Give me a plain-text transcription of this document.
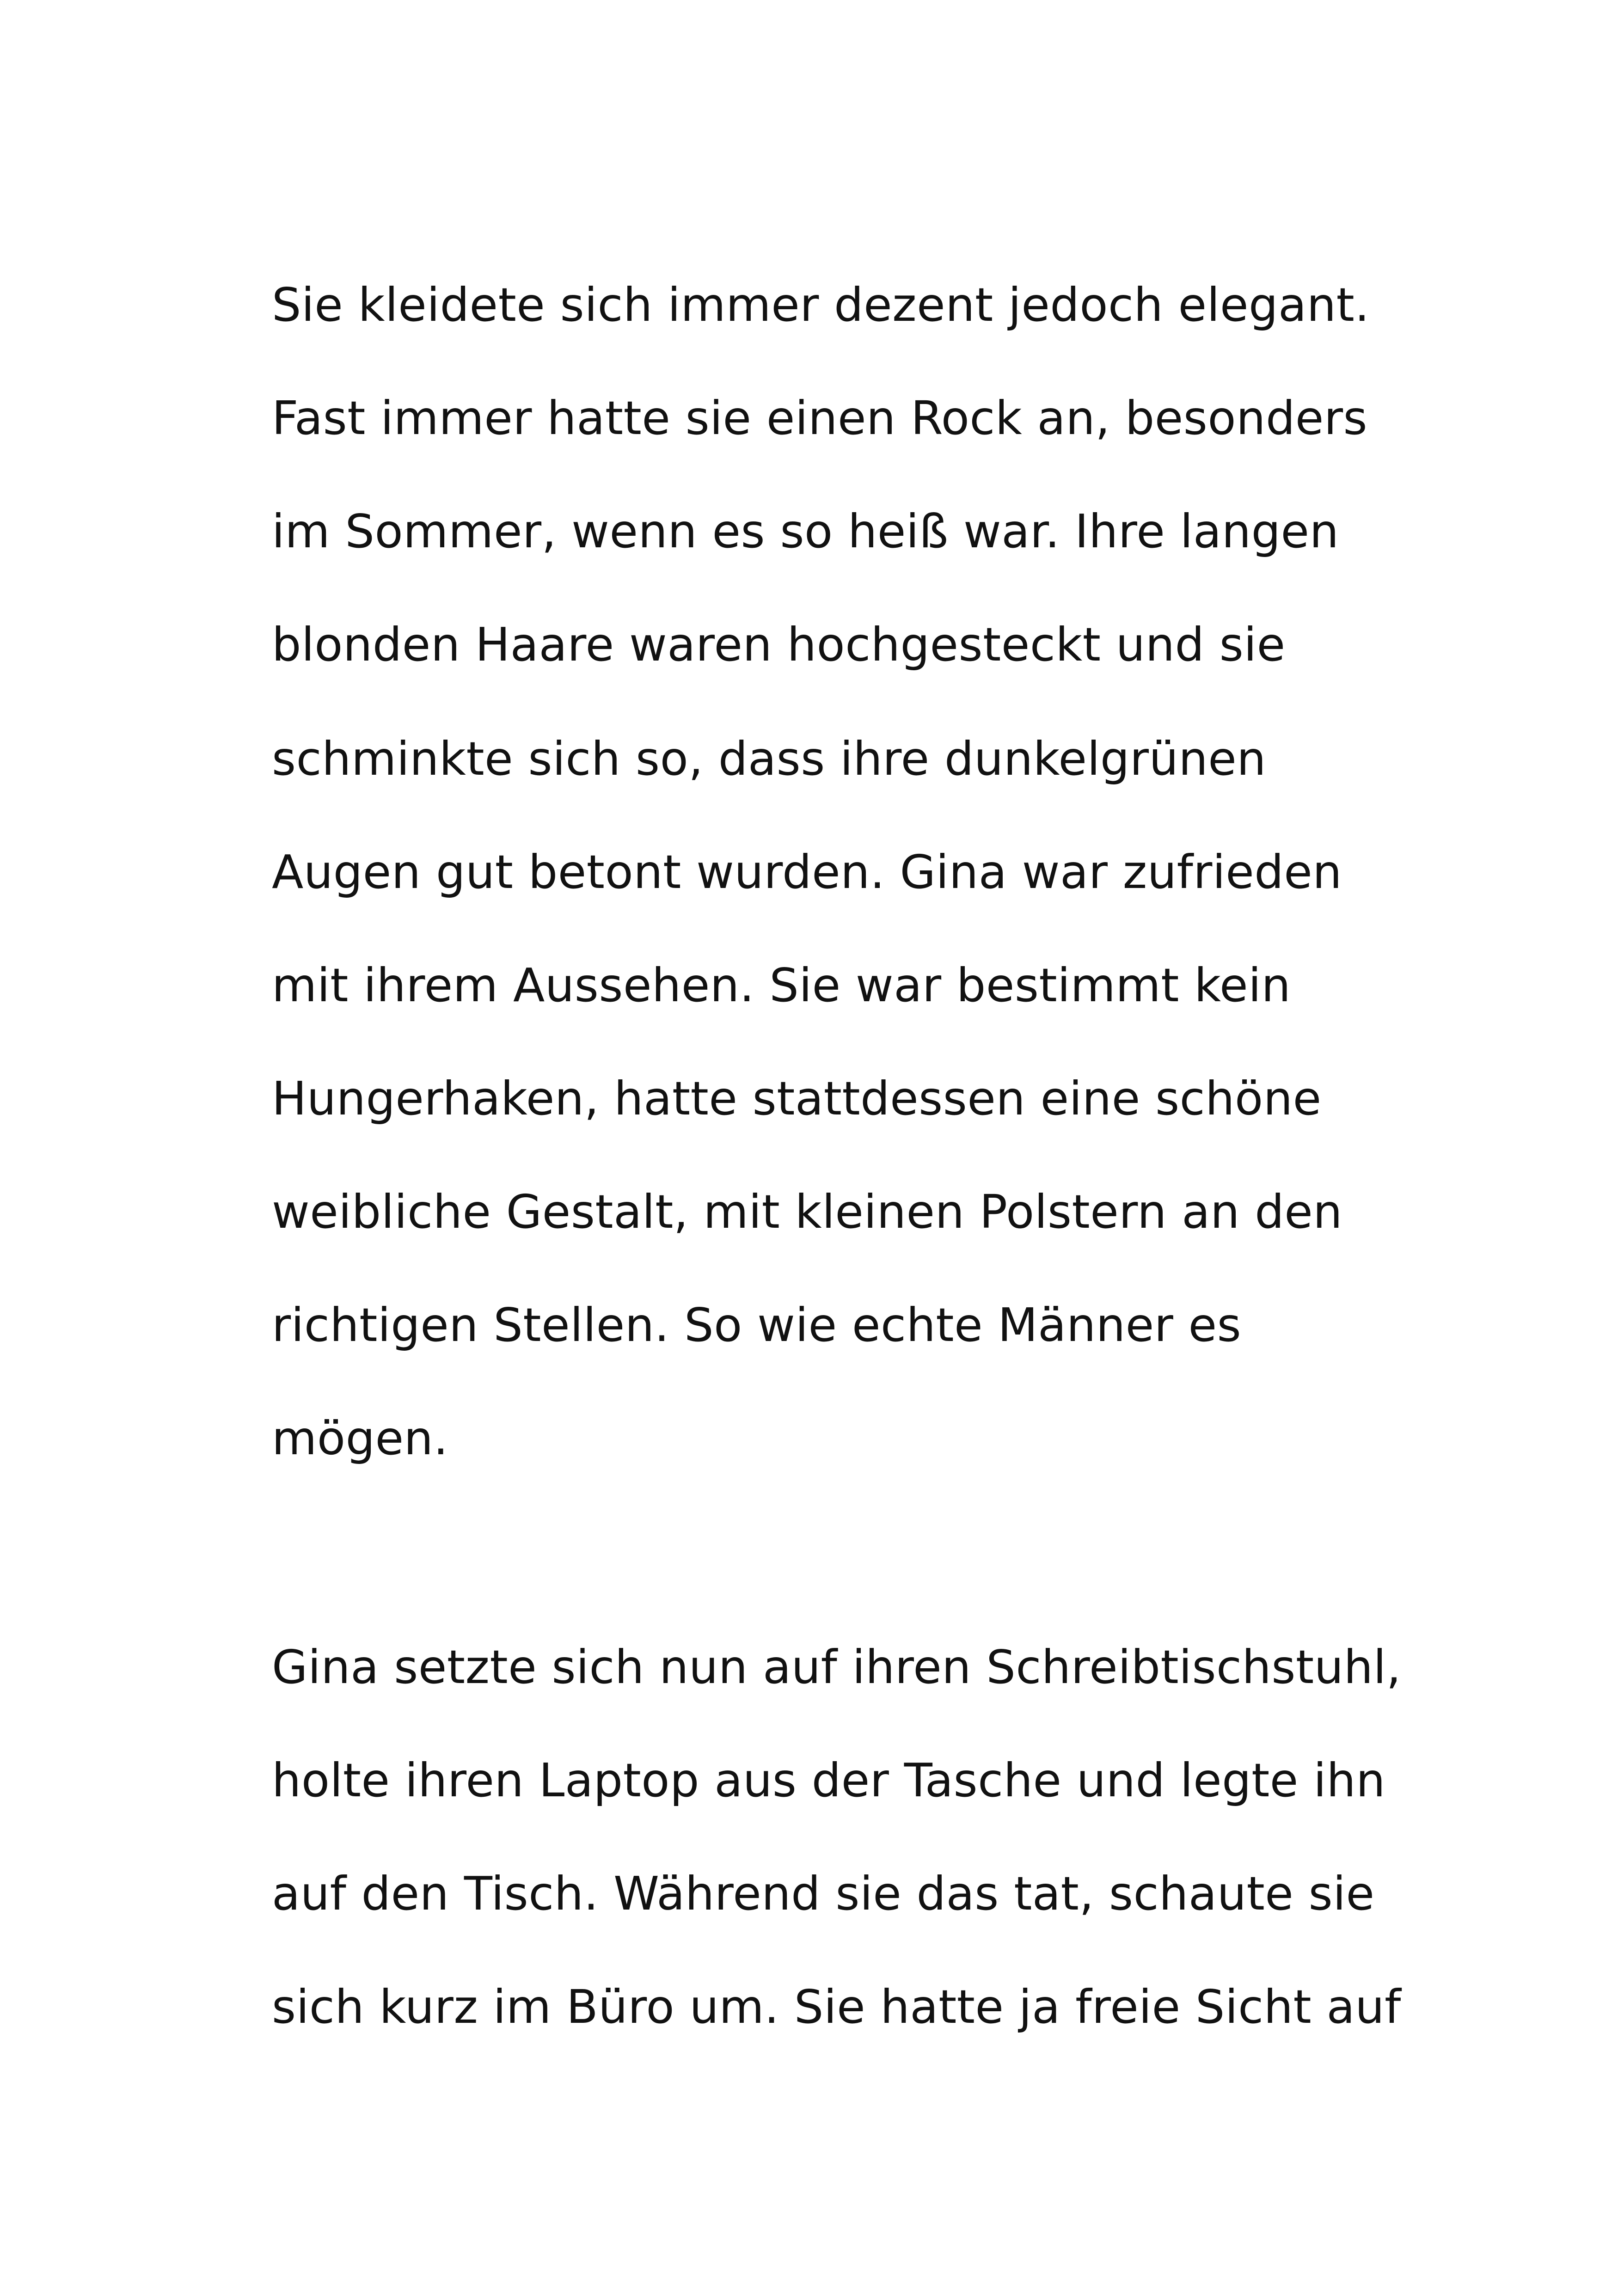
Sie kleidete sich immer dezent jedoch elegant.
Fast immer hatte sie einen Rock an, besonders
im Sommer, wenn es so heiß war. Ihre langen
blonden Haare waren hochgesteckt und sie
schminkte sich so, dass ihre dunkelgrünen
Augen gut betont wurden. Gina war zufrieden
mit ihrem Aussehen. Sie war bestimmt kein
Hungerhaken, hatte stattdessen eine schöne
weibliche Gestalt, mit kleinen Polstern an den
richtigen Stellen. So wie echte Männer es
mögen.
Gina setzte sich nun auf ihren Schreibtischstuhl,
holte ihren Laptop aus der Tasche und legte ihn
auf den Tisch. Während sie das tat, schaute sie
sich kurz im Büro um. Sie hatte ja freie Sicht auf
